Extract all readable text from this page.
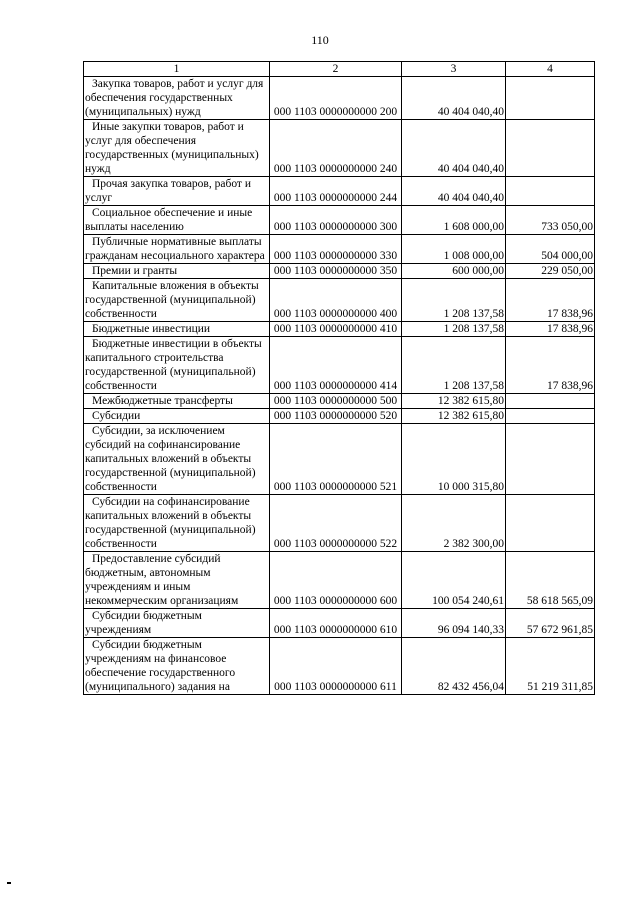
110
1	2	3	4
Закупка товаров, работ и услуг для обеспечения государственных (муниципальных) нужд	000 1103 0000000000 200	40 404 040,40	
Иные закупки товаров, работ и услуг для обеспечения государственных (муниципальных) нужд	000 1103 0000000000 240	40 404 040,40	
Прочая закупка товаров, работ и услуг	000 1103 0000000000 244	40 404 040,40	
Социальное обеспечение и иные выплаты населению	000 1103 0000000000 300	1 608 000,00	733 050,00
Публичные нормативные выплаты гражданам несоциального характера	000 1103 0000000000 330	1 008 000,00	504 000,00
Премии и гранты	000 1103 0000000000 350	600 000,00	229 050,00
Капитальные вложения в объекты государственной (муниципальной) собственности	000 1103 0000000000 400	1 208 137,58	17 838,96
Бюджетные инвестиции	000 1103 0000000000 410	1 208 137,58	17 838,96
Бюджетные инвестиции в объекты капитального строительства государственной (муниципальной) собственности	000 1103 0000000000 414	1 208 137,58	17 838,96
Межбюджетные трансферты	000 1103 0000000000 500	12 382 615,80	
Субсидии	000 1103 0000000000 520	12 382 615,80	
Субсидии, за исключением субсидий на софинансирование капитальных вложений в объекты государственной (муниципальной) собственности	000 1103 0000000000 521	10 000 315,80	
Субсидии на софинансирование капитальных вложений в объекты государственной (муниципальной) собственности	000 1103 0000000000 522	2 382 300,00	
Предоставление субсидий бюджетным, автономным учреждениям и иным некоммерческим организациям	000 1103 0000000000 600	100 054 240,61	58 618 565,09
Субсидии бюджетным учреждениям	000 1103 0000000000 610	96 094 140,33	57 672 961,85
Субсидии бюджетным учреждениям на финансовое обеспечение государственного (муниципального) задания на	000 1103 0000000000 611	82 432 456,04	51 219 311,85
